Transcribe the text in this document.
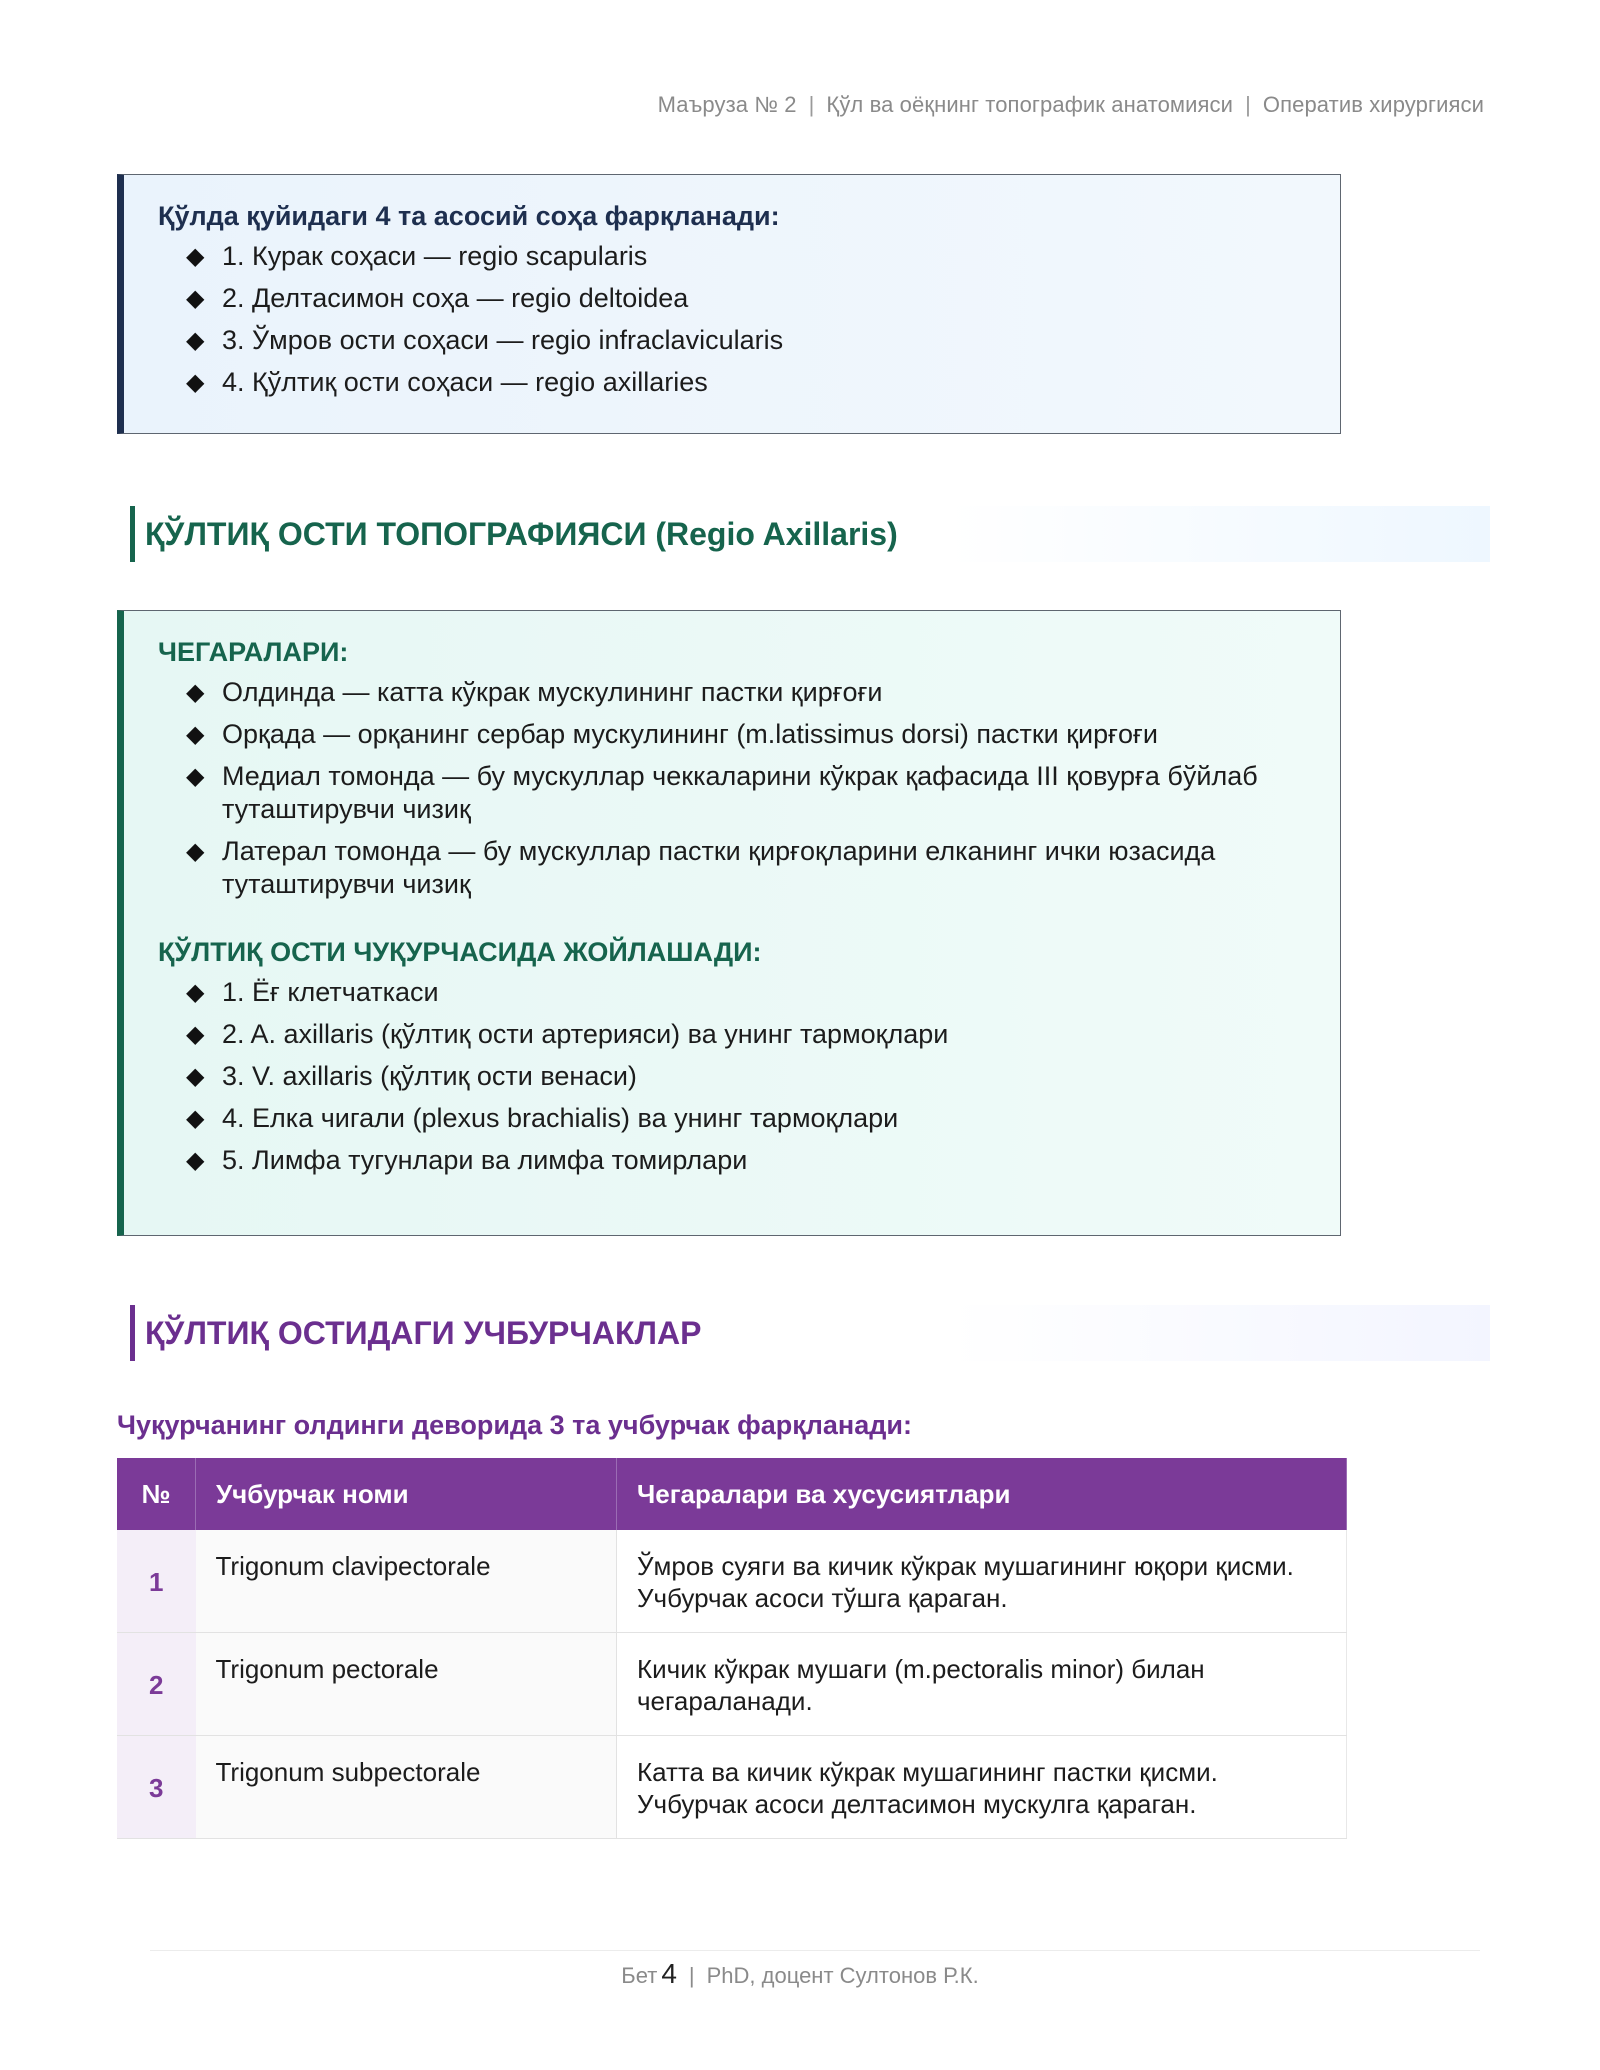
Маъруза № 2 | Қўл ва оёқнинг топографик анатомияси | Оператив хирургияси
Қўлда қуйидаги 4 та асосий соҳа фарқланади:
◆ 1. Курак соҳаси — regio scapularis
◆ 2. Делтасимон соҳа — regio deltoidea
◆ 3. Ўмров ости соҳаси — regio infraclavicularis
◆ 4. Қўлтиқ ости соҳаси — regio axillaries
ҚЎЛТИҚ ОСТИ ТОПОГРАФИЯСИ (Regio Axillaris)
ЧЕГАРАЛАРИ:
◆ Олдинда — катта кўкрак мускулининг пастки қирғоғи
◆ Орқада — орқанинг сербар мускулининг (m.latissimus dorsi) пастки қирғоғи
◆ Медиал томонда — бу мускуллар чеккаларини кўкрак қафасида III қовурға бўйлаб туташтирувчи чизиқ
◆ Латерал томонда — бу мускуллар пастки қирғоқларини елканинг ички юзасида туташтирувчи чизиқ
ҚЎЛТИҚ ОСТИ ЧУҚУРЧАСИДА ЖОЙЛАШАДИ:
◆ 1. Ёғ клетчаткаси
◆ 2. A. axillaris (қўлтиқ ости артерияси) ва унинг тармоқлари
◆ 3. V. axillaris (қўлтиқ ости венаси)
◆ 4. Елка чигали (plexus brachialis) ва унинг тармоқлари
◆ 5. Лимфа тугунлари ва лимфа томирлари
ҚЎЛТИҚ ОСТИДАГИ УЧБУРЧАКЛАР
Чуқурчанинг олдинги деворида 3 та учбурчак фарқланади:
№	Учбурчак номи	Чегаралари ва хусусиятлари
1	Trigonum clavipectorale	Ўмров суяги ва кичик кўкрак мушагининг юқори қисми. Учбурчак асоси тўшга қараган.
2	Trigonum pectorale	Кичик кўкрак мушаги (m.pectoralis minor) билан чегараланади.
3	Trigonum subpectorale	Катта ва кичик кўкрак мушагининг пастки қисми. Учбурчак асоси делтасимон мускулга қараган.
Бет 4 | PhD, доцент Султонов Р.К.
